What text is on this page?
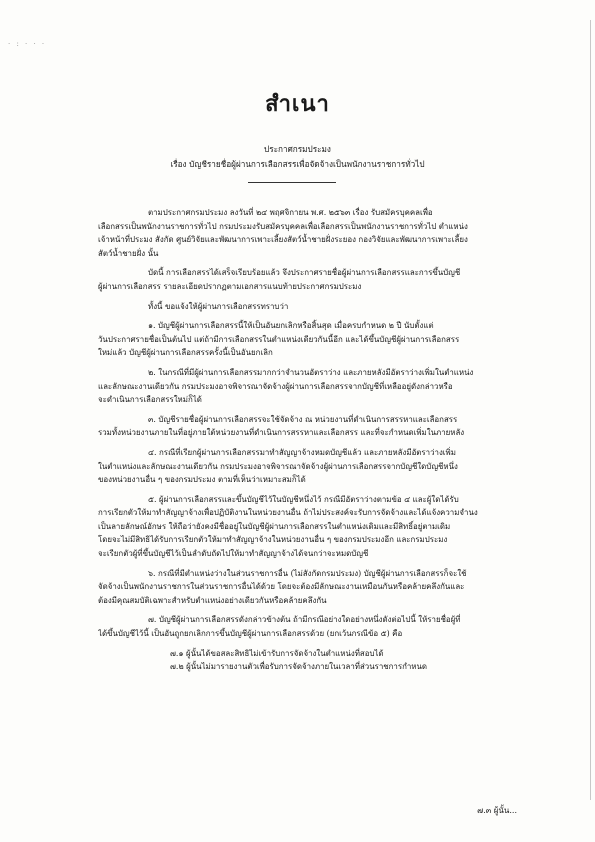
· : · · ·
สำเนา
ประกาศกรมประมง
เรื่อง บัญชีรายชื่อผู้ผ่านการเลือกสรรเพื่อจัดจ้างเป็นพนักงานราชการทั่วไป
ตามประกาศกรมประมง ลงวันที่ ๒๔ พฤศจิกายน พ.ศ. ๒๕๖๓ เรื่อง รับสมัครบุคคลเพื่อ
เลือกสรรเป็นพนักงานราชการทั่วไป กรมประมงรับสมัครบุคคลเพื่อเลือกสรรเป็นพนักงานราชการทั่วไป ตำแหน่ง
เจ้าหน้าที่ประมง สังกัด ศูนย์วิจัยและพัฒนาการเพาะเลี้ยงสัตว์น้ำชายฝั่งระยอง กองวิจัยและพัฒนาการเพาะเลี้ยง
สัตว์น้ำชายฝั่ง นั้น
บัดนี้ การเลือกสรรได้เสร็จเรียบร้อยแล้ว จึงประกาศรายชื่อผู้ผ่านการเลือกสรรและการขึ้นบัญชี
ผู้ผ่านการเลือกสรร รายละเอียดปรากฏตามเอกสารแนบท้ายประกาศกรมประมง
ทั้งนี้ ขอแจ้งให้ผู้ผ่านการเลือกสรรทราบว่า
๑. บัญชีผู้ผ่านการเลือกสรรนี้ให้เป็นอันยกเลิกหรือสิ้นสุด เมื่อครบกำหนด ๒ ปี นับตั้งแต่
วันประกาศรายชื่อเป็นต้นไป แต่ถ้ามีการเลือกสรรในตำแหน่งเดียวกันนี้อีก และได้ขึ้นบัญชีผู้ผ่านการเลือกสรร
ใหม่แล้ว บัญชีผู้ผ่านการเลือกสรรครั้งนี้เป็นอันยกเลิก
๒. ในกรณีที่มีผู้ผ่านการเลือกสรรมากกว่าจำนวนอัตราว่าง และภายหลังมีอัตราว่างเพิ่มในตำแหน่ง
และลักษณะงานเดียวกัน กรมประมงอาจพิจารณาจัดจ้างผู้ผ่านการเลือกสรรจากบัญชีที่เหลืออยู่ดังกล่าวหรือ
จะดำเนินการเลือกสรรใหม่ก็ได้
๓. บัญชีรายชื่อผู้ผ่านการเลือกสรรจะใช้จัดจ้าง ณ หน่วยงานที่ดำเนินการสรรหาและเลือกสรร
รวมทั้งหน่วยงานภายในที่อยู่ภายใต้หน่วยงานที่ดำเนินการสรรหาและเลือกสรร และที่จะกำหนดเพิ่มในภายหลัง
๔. กรณีที่เรียกผู้ผ่านการเลือกสรรมาทำสัญญาจ้างหมดบัญชีแล้ว และภายหลังมีอัตราว่างเพิ่ม
ในตำแหน่งและลักษณะงานเดียวกัน กรมประมงอาจพิจารณาจัดจ้างผู้ผ่านการเลือกสรรจากบัญชีใดบัญชีหนึ่ง
ของหน่วยงานอื่น ๆ ของกรมประมง ตามที่เห็นว่าเหมาะสมก็ได้
๕. ผู้ผ่านการเลือกสรรและขึ้นบัญชีไว้ในบัญชีหนึ่งไว้ กรณีมีอัตราว่างตามข้อ ๔ และผู้ใดได้รับ
การเรียกตัวให้มาทำสัญญาจ้างเพื่อปฏิบัติงานในหน่วยงานอื่น ถ้าไม่ประสงค์จะรับการจัดจ้างและได้แจ้งความจำนง
เป็นลายลักษณ์อักษร ให้ถือว่ายังคงมีชื่ออยู่ในบัญชีผู้ผ่านการเลือกสรรในตำแหน่งเดิมและมีสิทธิ์อยู่ตามเดิม
โดยจะไม่มีสิทธิได้รับการเรียกตัวให้มาทำสัญญาจ้างในหน่วยงานอื่น ๆ ของกรมประมงอีก และกรมประมง
จะเรียกตัวผู้ที่ขึ้นบัญชีไว้เป็นลำดับถัดไปให้มาทำสัญญาจ้างได้จนกว่าจะหมดบัญชี
๖. กรณีที่มีตำแหน่งว่างในส่วนราชการอื่น (ไม่สังกัดกรมประมง) บัญชีผู้ผ่านการเลือกสรรก็จะใช้
จัดจ้างเป็นพนักงานราชการในส่วนราชการอื่นได้ด้วย โดยจะต้องมีลักษณะงานเหมือนกันหรือคล้ายคลึงกันและ
ต้องมีคุณสมบัติเฉพาะสำหรับตำแหน่งอย่างเดียวกันหรือคล้ายคลึงกัน
๗. บัญชีผู้ผ่านการเลือกสรรดังกล่าวข้างต้น ถ้ามีกรณีอย่างใดอย่างหนึ่งดังต่อไปนี้ ให้รายชื่อผู้ที่
ได้ขึ้นบัญชีไว้นี้ เป็นอันถูกยกเลิกการขึ้นบัญชีผู้ผ่านการเลือกสรรด้วย (ยกเว้นกรณีข้อ ๕) คือ
๗.๑ ผู้นั้นได้ขอสละสิทธิไม่เข้ารับการจัดจ้างในตำแหน่งที่สอบได้
๗.๒ ผู้นั้นไม่มารายงานตัวเพื่อรับการจัดจ้างภายในเวลาที่ส่วนราชการกำหนด
๗.๓ ผู้นั้น...
